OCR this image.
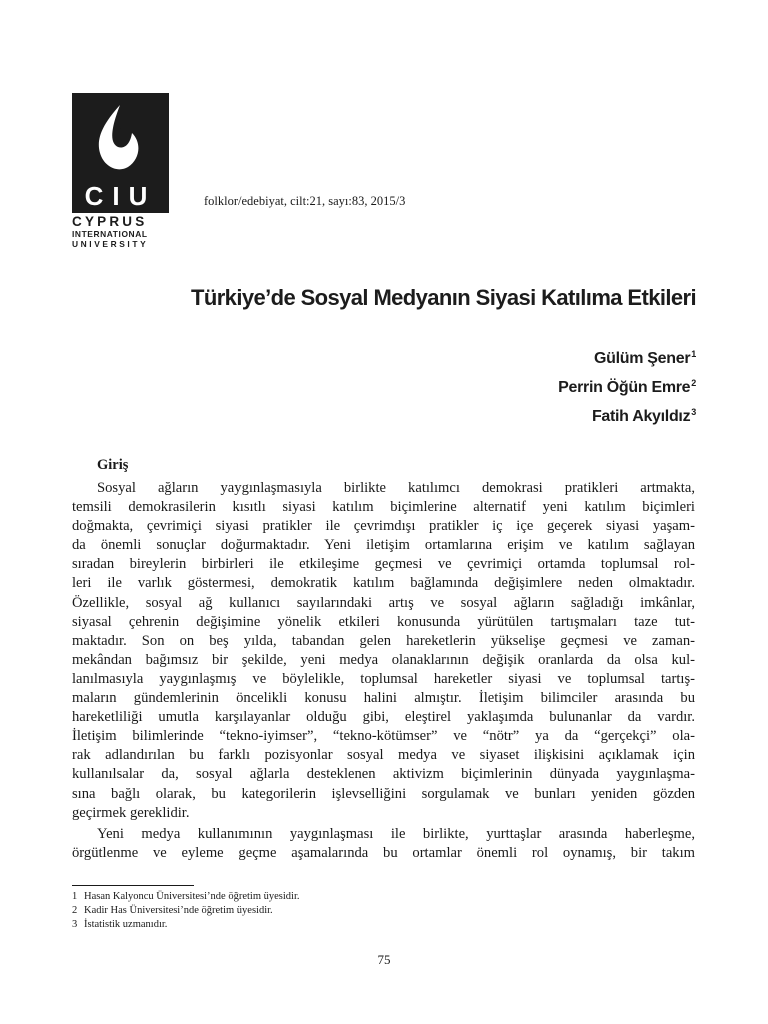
CIU
CYPRUS
INTERNATIONAL
UNIVERSITY
folklor/edebiyat, cilt:21, sayı:83, 2015/3
Türkiye’de Sosyal Medyanın Siyasi Katılıma Etkileri
Gülüm Şener$^1$
Perrin Öğün Emre$^2$
Fatih Akyıldız$^3$
Giriş
Sosyal ağların yaygınlaşmasıyla birlikte katılımcı demokrasi pratikleri artmakta,
temsili demokrasilerin kısıtlı siyasi katılım biçimlerine alternatif yeni katılım biçimleri
doğmakta, çevrimiçi siyasi pratikler ile çevrimdışı pratikler iç içe geçerek siyasi yaşam-
da önemli sonuçlar doğurmaktadır. Yeni iletişim ortamlarına erişim ve katılım sağlayan
sıradan bireylerin birbirleri ile etkileşime geçmesi ve çevrimiçi ortamda toplumsal rol-
leri ile varlık göstermesi, demokratik katılım bağlamında değişimlere neden olmaktadır.
Özellikle, sosyal ağ kullanıcı sayılarındaki artış ve sosyal ağların sağladığı imkânlar,
siyasal çehrenin değişimine yönelik etkileri konusunda yürütülen tartışmaları taze tut-
maktadır. Son on beş yılda, tabandan gelen hareketlerin yükselişe geçmesi ve zaman-
mekândan bağımsız bir şekilde, yeni medya olanaklarının değişik oranlarda da olsa kul-
lanılmasıyla yaygınlaşmış ve böylelikle, toplumsal hareketler siyasi ve toplumsal tartış-
maların gündemlerinin öncelikli konusu halini almıştır. İletişim bilimciler arasında bu
hareketliliği umutla karşılayanlar olduğu gibi, eleştirel yaklaşımda bulunanlar da vardır.
İletişim bilimlerinde “tekno-iyimser”, “tekno-kötümser” ve “nötr” ya da “gerçekçi” ola-
rak adlandırılan bu farklı pozisyonlar sosyal medya ve siyaset ilişkisini açıklamak için
kullanılsalar da, sosyal ağlarla desteklenen aktivizm biçimlerinin dünyada yaygınlaşma-
sına bağlı olarak, bu kategorilerin işlevselliğini sorgulamak ve bunları yeniden gözden
geçirmek gereklidir.
Yeni medya kullanımının yaygınlaşması ile birlikte, yurttaşlar arasında haberleşme,
örgütlenme ve eyleme geçme aşamalarında bu ortamlar önemli rol oynamış, bir takım
1 Hasan Kalyoncu Üniversitesi’nde öğretim üyesidir.
2 Kadir Has Üniversitesi’nde öğretim üyesidir.
3 İstatistik uzmanıdır.
75
